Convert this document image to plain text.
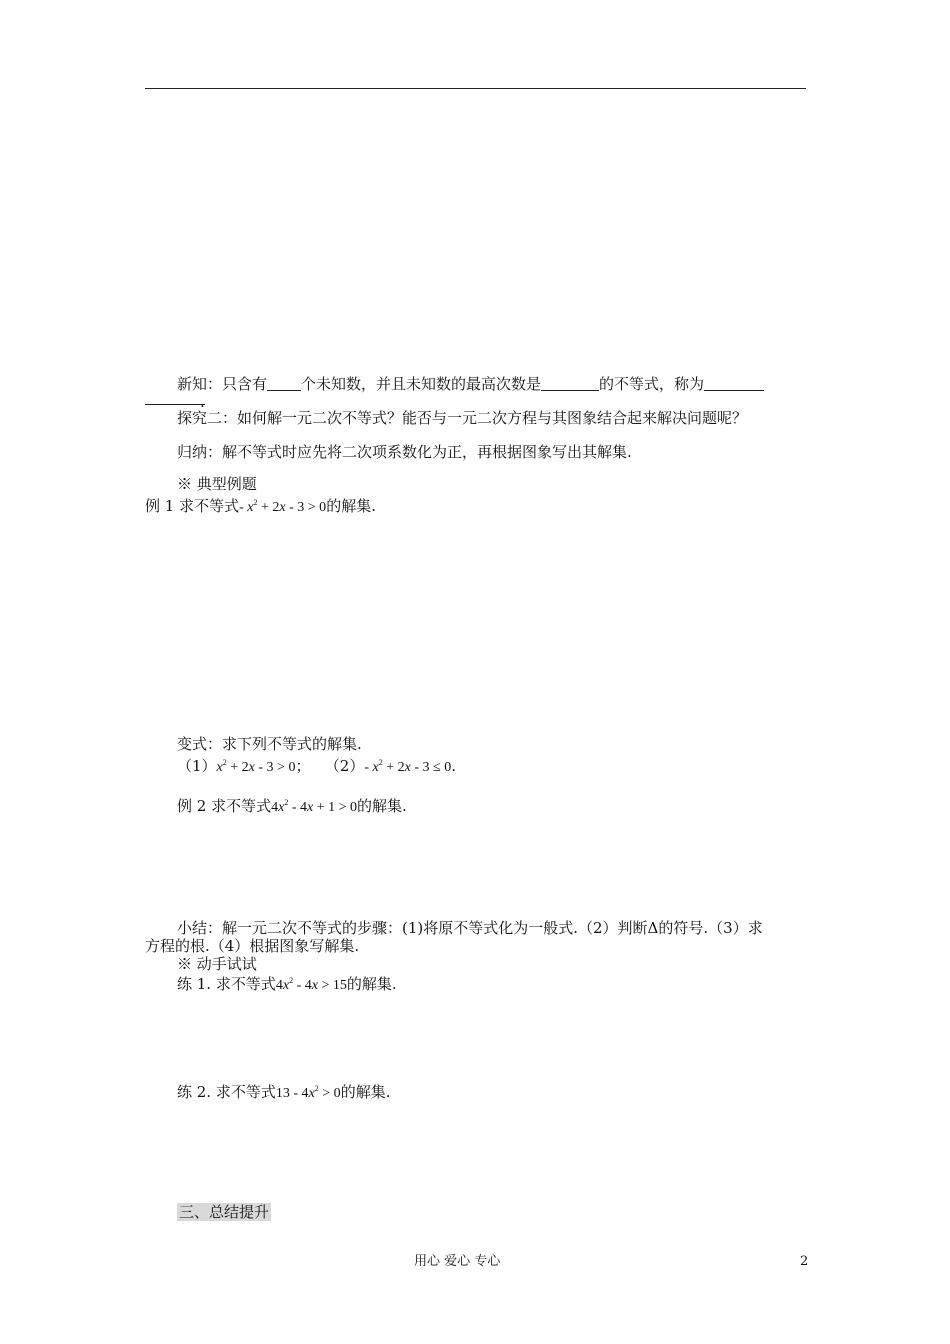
新知：只含有 个未知数，并且未知数的最高次数是	的不等式，称为
.
探究二：如何解一元二次不等式？能否与一元二次方程与其图象结合起来解决问题呢？
归纳：解不等式时应先将二次项系数化为正，再根据图象写出其解集.
※ 典型例题
例 1 求不等式- $x^2 + 2x - 3 > 0$的解集.
变式：求下列不等式的解集.
$(1)x^2 + 2x - 3 > 0$； （2）- $x^2 + 2x - 3 \le 0$.
例 2 求不等式$4x^2 - 4x + 1 > 0$的解集.
小结：解一元二次不等式的步骤：(1)将原不等式化为一般式.（2）判断Δ的符号.（3）求
方程的根.（4）根据图象写解集.
※ 动手试试
练 1. 求不等式$4x^2 - 4x > 15$的解集.
练 2. 求不等式$13 - 4x^2 > 0$的解集.
三、总结提升
用心 爱心 专心	2
